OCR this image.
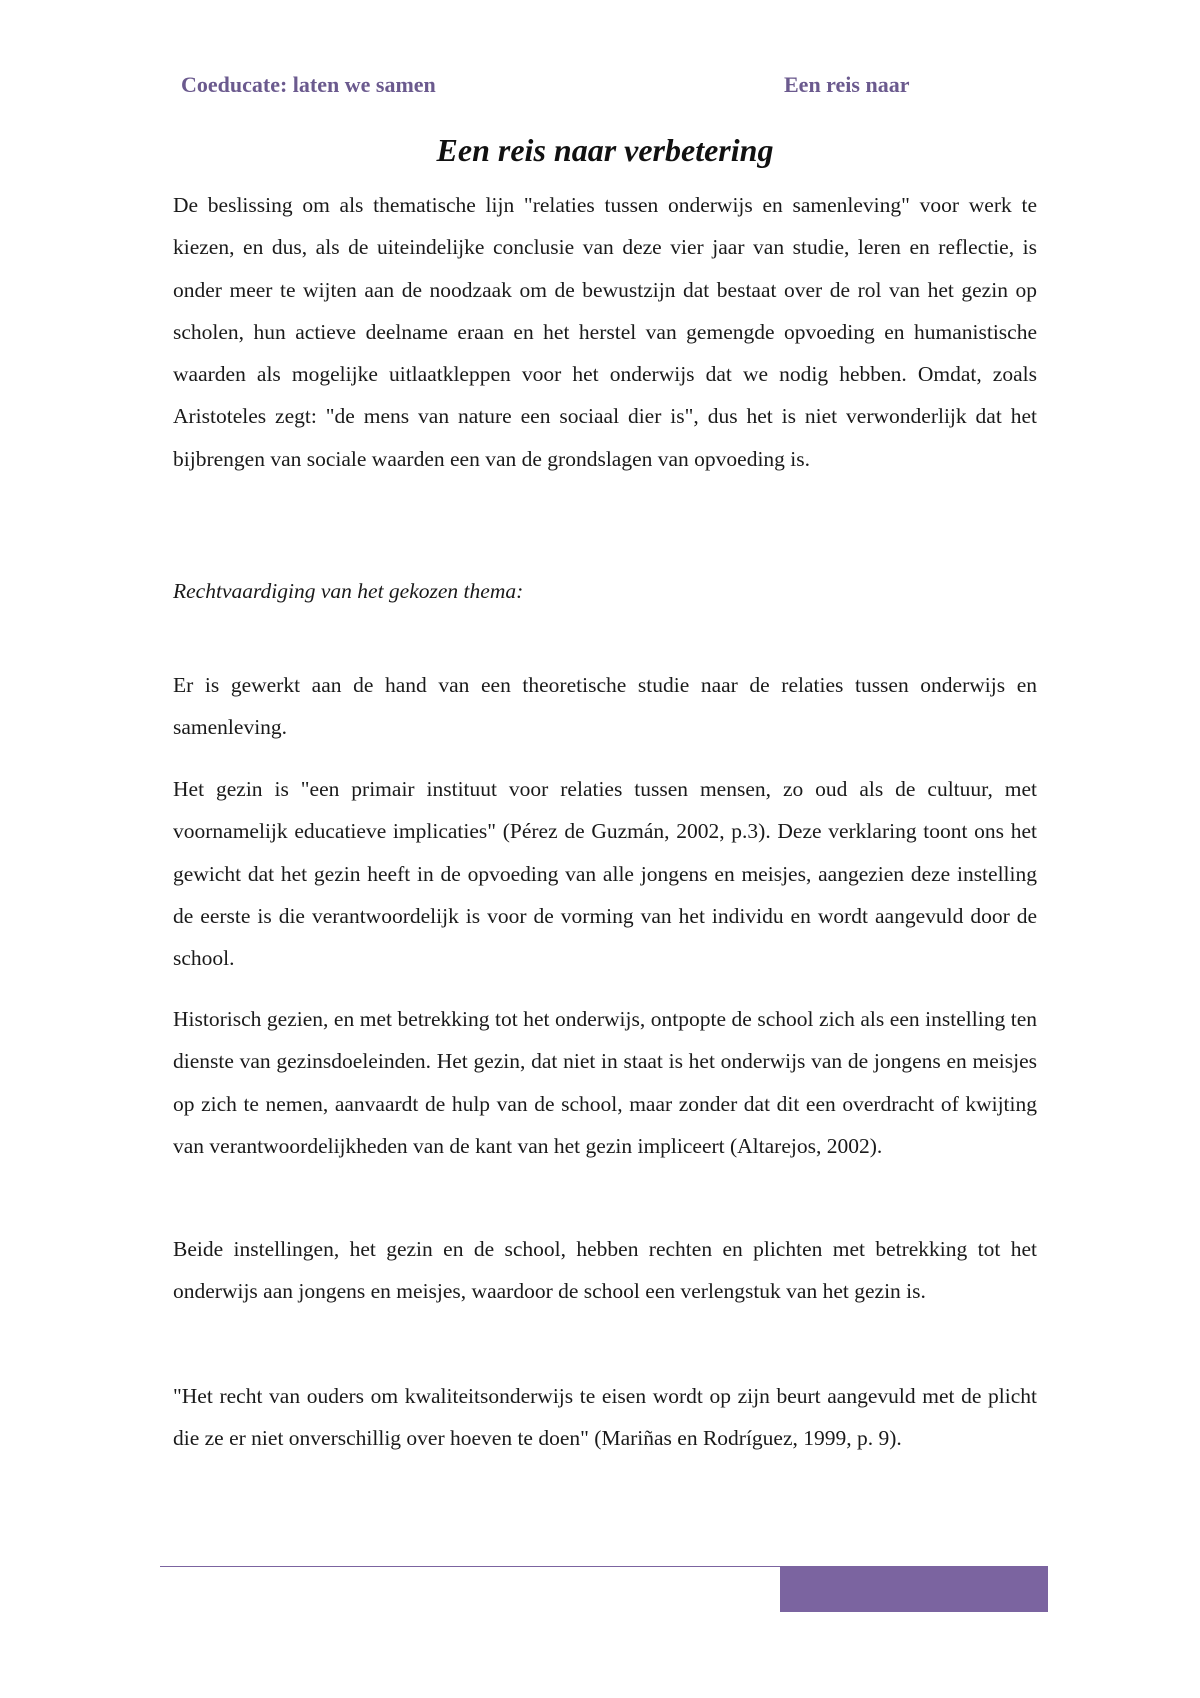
Coeducate: laten we samen	Een reis naar
Een reis naar verbetering

De beslissing om als thematische lijn "relaties tussen onderwijs en samenleving" voor werk te kiezen, en dus, als de uiteindelijke conclusie van deze vier jaar van studie, leren en reflectie, is onder meer te wijten aan de noodzaak om de bewustzijn dat bestaat over de rol van het gezin op scholen, hun actieve deelname eraan en het herstel van gemengde opvoeding en humanistische waarden als mogelijke uitlaatkleppen voor het onderwijs dat we nodig hebben. Omdat, zoals Aristoteles zegt: "de mens van nature een sociaal dier is", dus het is niet verwonderlijk dat het bijbrengen van sociale waarden een van de grondslagen van opvoeding is.

Rechtvaardiging van het gekozen thema:

Er is gewerkt aan de hand van een theoretische studie naar de relaties tussen onderwijs en samenleving.

Het gezin is "een primair instituut voor relaties tussen mensen, zo oud als de cultuur, met voornamelijk educatieve implicaties" (Pérez de Guzmán, 2002, p.3). Deze verklaring toont ons het gewicht dat het gezin heeft in de opvoeding van alle jongens en meisjes, aangezien deze instelling de eerste is die verantwoordelijk is voor de vorming van het individu en wordt aangevuld door de school.

Historisch gezien, en met betrekking tot het onderwijs, ontpopte de school zich als een instelling ten dienste van gezinsdoeleinden. Het gezin, dat niet in staat is het onderwijs van de jongens en meisjes op zich te nemen, aanvaardt de hulp van de school, maar zonder dat dit een overdracht of kwijting van verantwoordelijkheden van de kant van het gezin impliceert (Altarejos, 2002).

Beide instellingen, het gezin en de school, hebben rechten en plichten met betrekking tot het onderwijs aan jongens en meisjes, waardoor de school een verlengstuk van het gezin is.

"Het recht van ouders om kwaliteitsonderwijs te eisen wordt op zijn beurt aangevuld met de plicht die ze er niet onverschillig over hoeven te doen" (Mariñas en Rodríguez, 1999, p. 9).
